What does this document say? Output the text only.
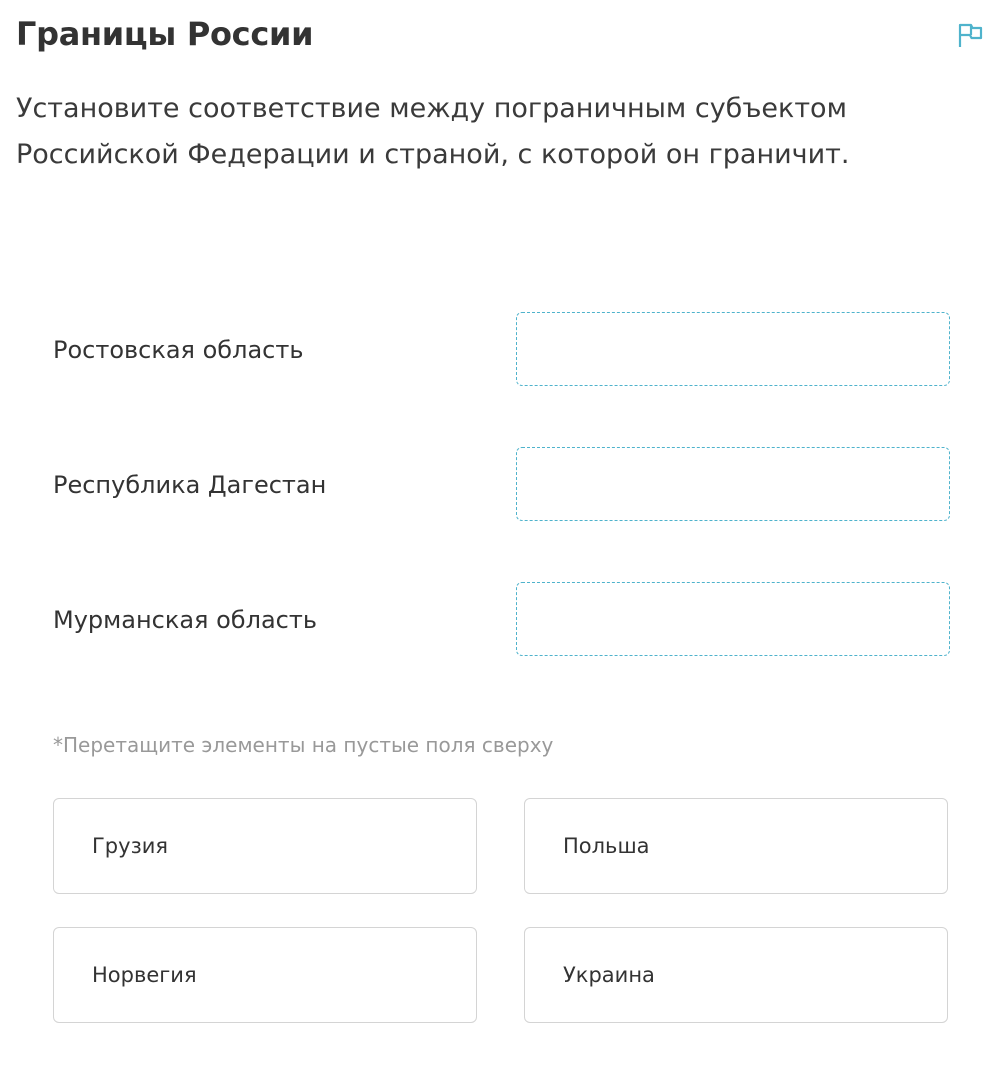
Границы России
Установите соответствие между пограничным субъектом Российской Федерации и страной, с которой он граничит.
Ростовская область
Республика Дагестан
Мурманская область
*Перетащите элементы на пустые поля сверху
Грузия	Польша
Норвегия	Украина
